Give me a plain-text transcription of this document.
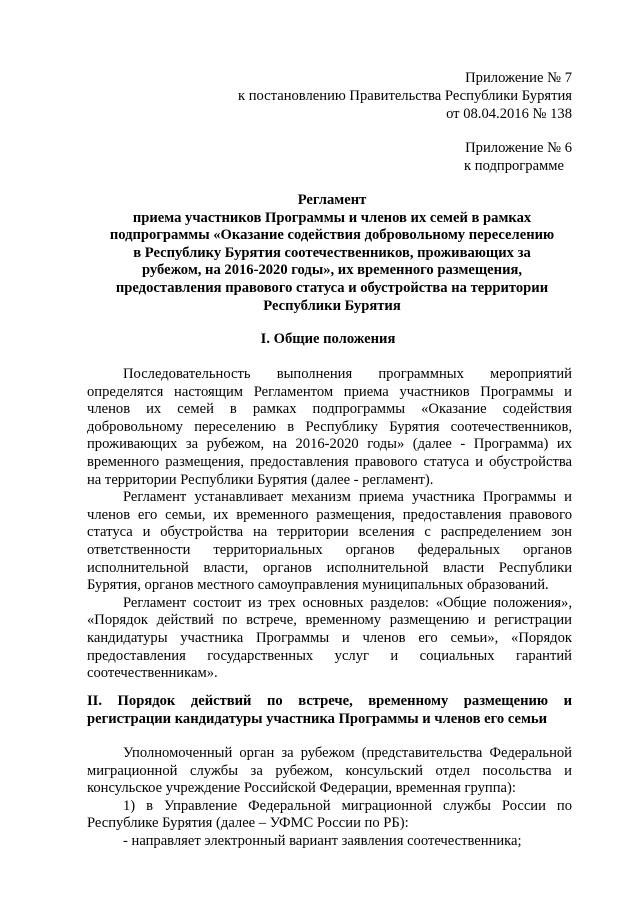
Приложение № 7
к постановлению Правительства Республики Бурятия
от 08.04.2016 № 138
Приложение № 6
к подпрограмме
Регламент
приема участников Программы и членов их семей в рамках
подпрограммы «Оказание содействия добровольному переселению
в Республику Бурятия соотечественников, проживающих за
рубежом, на 2016-2020 годы», их временного размещения,
предоставления правового статуса и обустройства на территории
Республики Бурятия
I. Общие положения

Последовательность выполнения программных мероприятий определятся настоящим Регламентом приема участников Программы и членов их семей в рамках подпрограммы «Оказание содействия добровольному переселению в Республику Бурятия соотечественников, проживающих за рубежом, на 2016-2020 годы» (далее - Программа) их временного размещения, предоставления правового статуса и обустройства на территории Республики Бурятия (далее - регламент).

Регламент устанавливает механизм приема участника Программы и членов его семьи, их временного размещения, предоставления правового статуса и обустройства на территории вселения с распределением зон ответственности территориальных органов федеральных органов исполнительной власти, органов исполнительной власти Республики Бурятия, органов местного самоуправления муниципальных образований.

Регламент состоит из трех основных разделов: «Общие положения», «Порядок действий по встрече, временному размещению и регистрации кандидатуры участника Программы и членов его семьи», «Порядок предоставления государственных услуг и социальных гарантий соотечественникам».

II. Порядок действий по встрече, временному размещению и регистрации кандидатуры участника Программы и членов его семьи

Уполномоченный орган за рубежом (представительства Федеральной миграционной службы за рубежом, консульский отдел посольства и консульское учреждение Российской Федерации, временная группа):

1) в Управление Федеральной миграционной службы России по Республике Бурятия (далее – УФМС России по РБ):

- направляет электронный вариант заявления соотечественника;
